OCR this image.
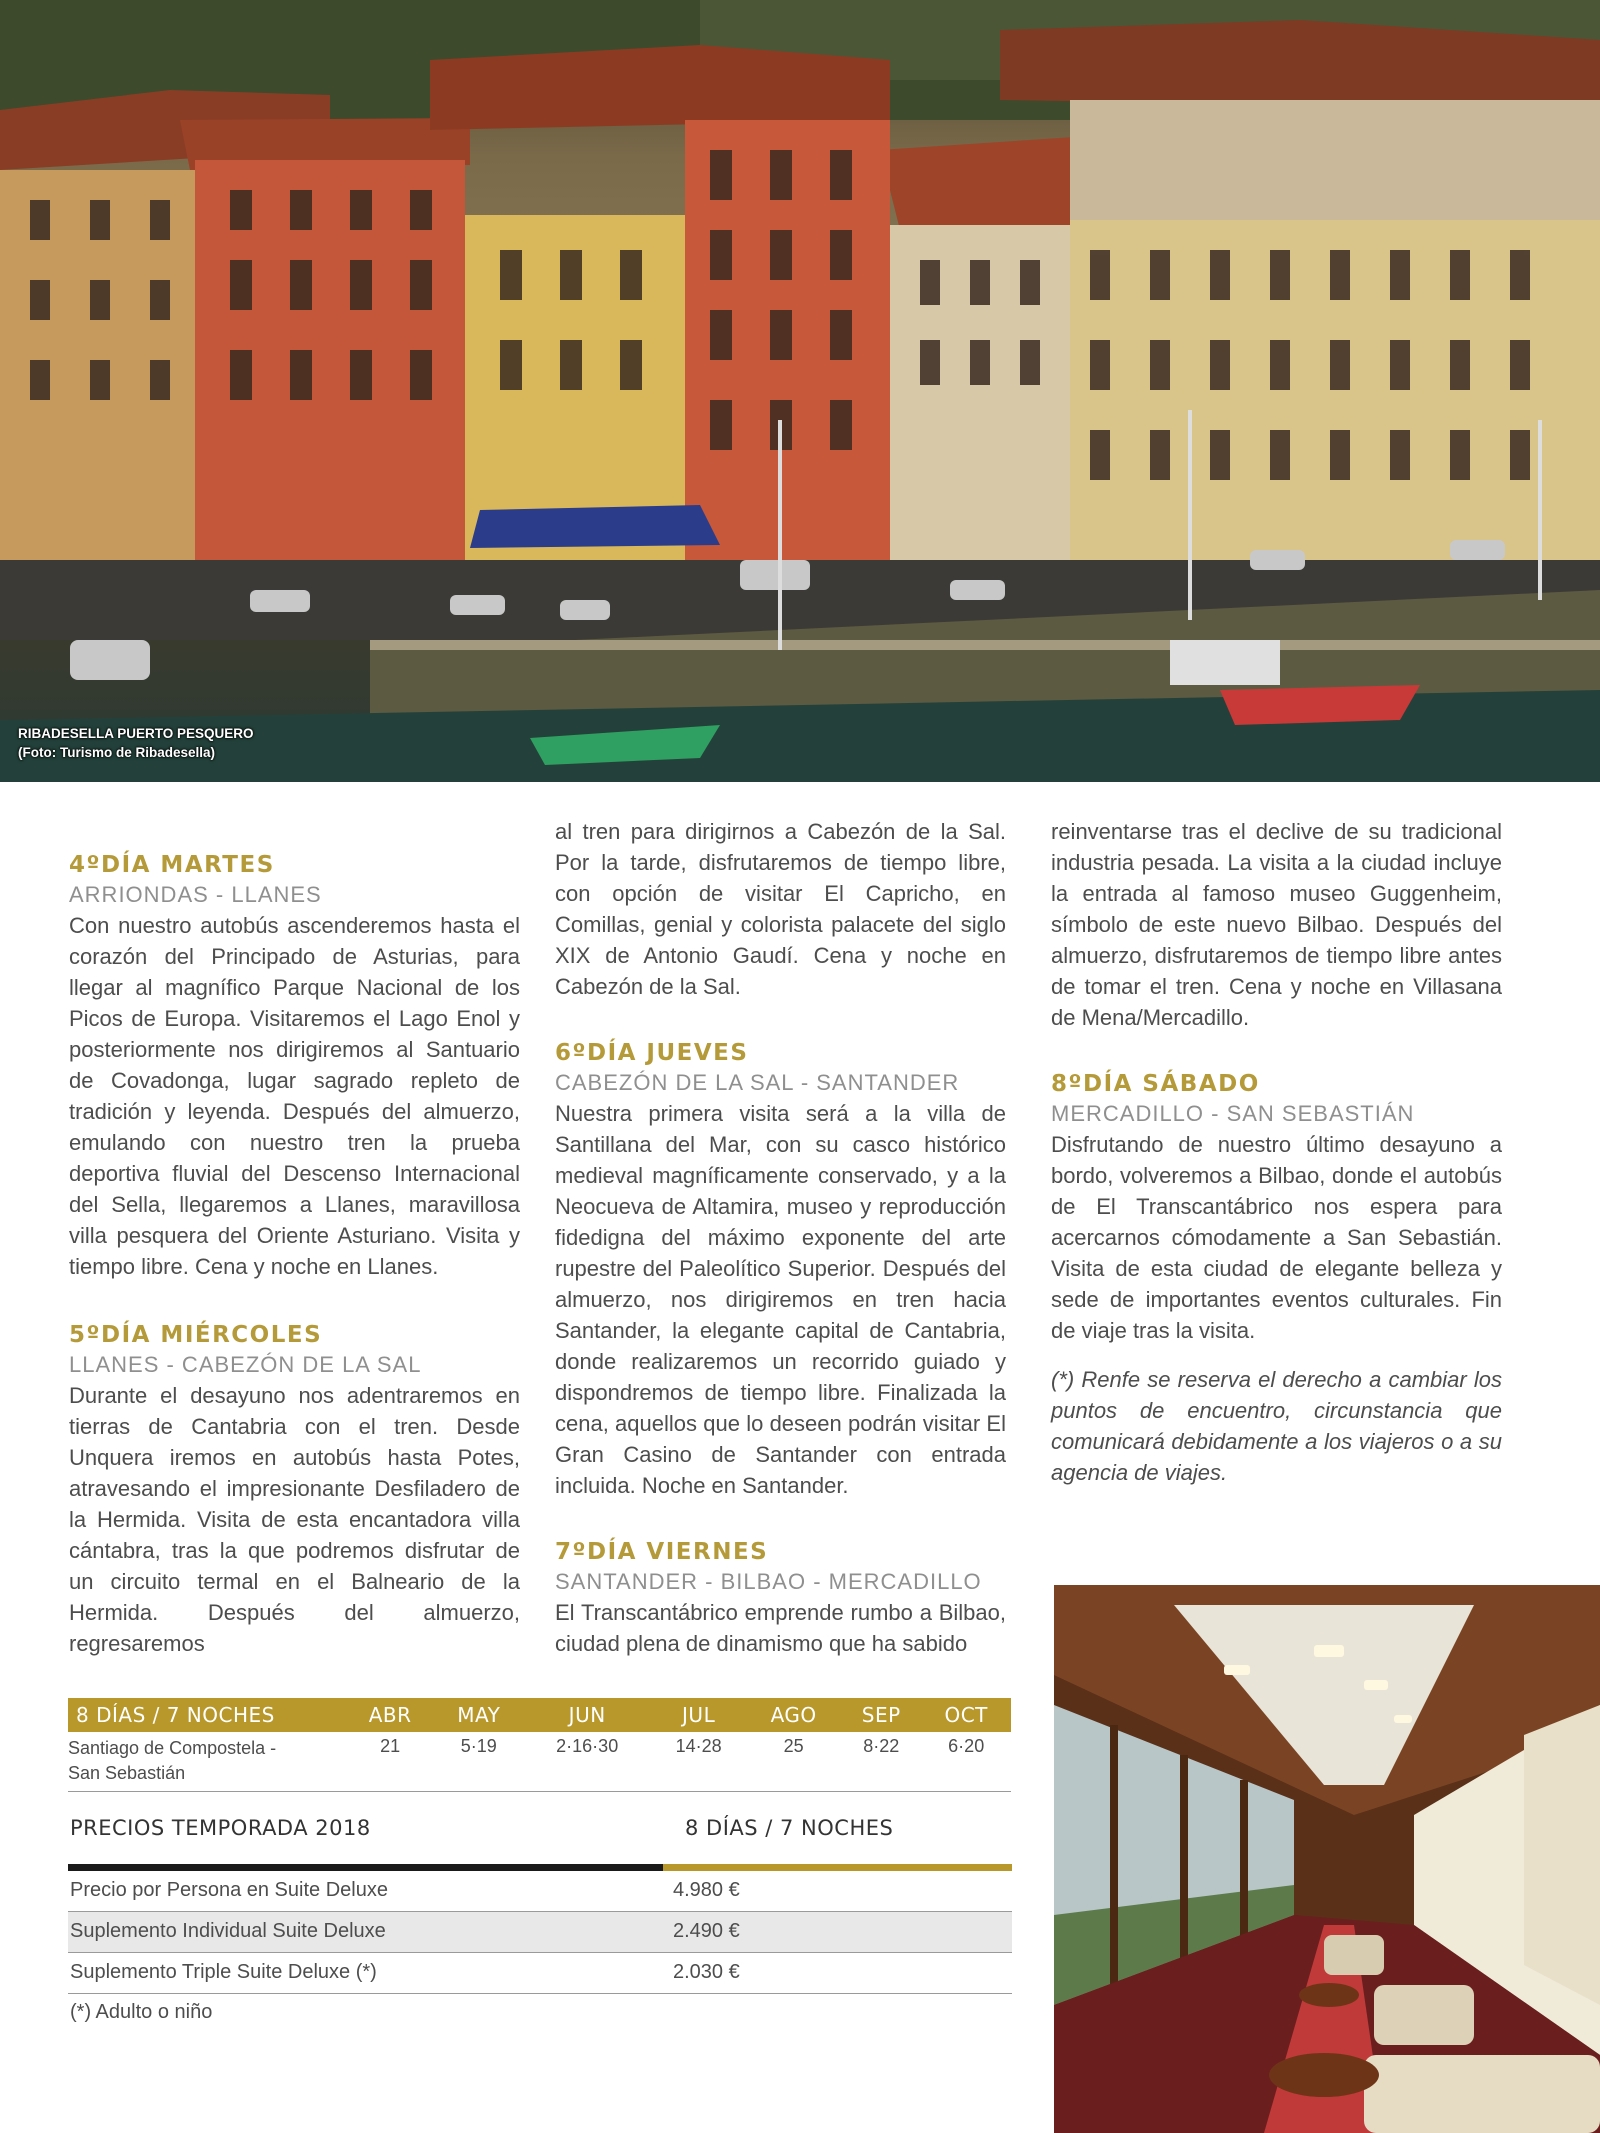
RIBADESELLA PUERTO PESQUERO
(Foto: Turismo de Ribadesella)

4ºDÍA MARTES

ARRIONDAS - LLANES

Con nuestro autobús ascenderemos hasta el corazón del Principado de Asturias, para llegar al magnífico Parque Nacional de los Picos de Europa. Visitaremos el Lago Enol y posteriormente nos dirigiremos al Santuario de Covadonga, lugar sagrado repleto de tradición y leyenda. Después del almuerzo, emulando con nuestro tren la prueba deportiva fluvial del Descenso Internacional del Sella, llegaremos a Llanes, maravillosa villa pesquera del Oriente Asturiano. Visita y tiempo libre. Cena y noche en Llanes.

5ºDÍA MIÉRCOLES

LLANES - CABEZÓN DE LA SAL

Durante el desayuno nos adentraremos en tierras de Cantabria con el tren. Desde Unquera iremos en autobús hasta Potes, atravesando el impresionante Desfiladero de la Hermida. Visita de esta encantadora villa cántabra, tras la que podremos disfrutar de un circuito termal en el Balneario de la Hermida. Después del almuerzo, regresaremos

al tren para dirigirnos a Cabezón de la Sal. Por la tarde, disfrutaremos de tiempo libre, con opción de visitar El Capricho, en Comillas, genial y colorista palacete del siglo XIX de Antonio Gaudí. Cena y noche en Cabezón de la Sal.

6ºDÍA JUEVES

CABEZÓN DE LA SAL - SANTANDER

Nuestra primera visita será a la villa de Santillana del Mar, con su casco histórico medieval magníficamente conservado, y a la Neocueva de Altamira, museo y reproducción fidedigna del máximo exponente del arte rupestre del Paleolítico Superior. Después del almuerzo, nos dirigiremos en tren hacia Santander, la elegante capital de Cantabria, donde realizaremos un recorrido guiado y dispondremos de tiempo libre. Finalizada la cena, aquellos que lo deseen podrán visitar El Gran Casino de Santander con entrada incluida. Noche en Santander.

7ºDÍA VIERNES

SANTANDER - BILBAO - MERCADILLO

El Transcantábrico emprende rumbo a Bilbao, ciudad plena de dinamismo que ha sabido

reinventarse tras el declive de su tradicional industria pesada. La visita a la ciudad incluye la entrada al famoso museo Guggenheim, símbolo de este nuevo Bilbao. Después del almuerzo, disfrutaremos de tiempo libre antes de tomar el tren. Cena y noche en Villasana de Mena/Mercadillo.

8ºDÍA SÁBADO

MERCADILLO - SAN SEBASTIÁN

Disfrutando de nuestro último desayuno a bordo, volveremos a Bilbao, donde el autobús de El Transcantábrico nos espera para acercarnos cómodamente a San Sebastián. Visita de esta ciudad de elegante belleza y sede de importantes eventos culturales. Fin de viaje tras la visita.

(*) Renfe se reserva el derecho a cambiar los puntos de encuentro, circunstancia que comunicará debidamente a los viajeros o a su agencia de viajes.

8 DÍAS / 7 NOCHES	ABR	MAY	JUN	JUL	AGO	SEP	OCT

Santiago de Compostela -
San Sebastián	21	5·19	2·16·30	14·28	25	8·22	6·20
PRECIOS TEMPORADA 2018	8 DÍAS / 7 NOCHES
Precio por Persona en Suite Deluxe	4.980 €
Suplemento Individual Suite Deluxe	2.490 €
Suplemento Triple Suite Deluxe (*)	2.030 €
(*) Adulto o niño
